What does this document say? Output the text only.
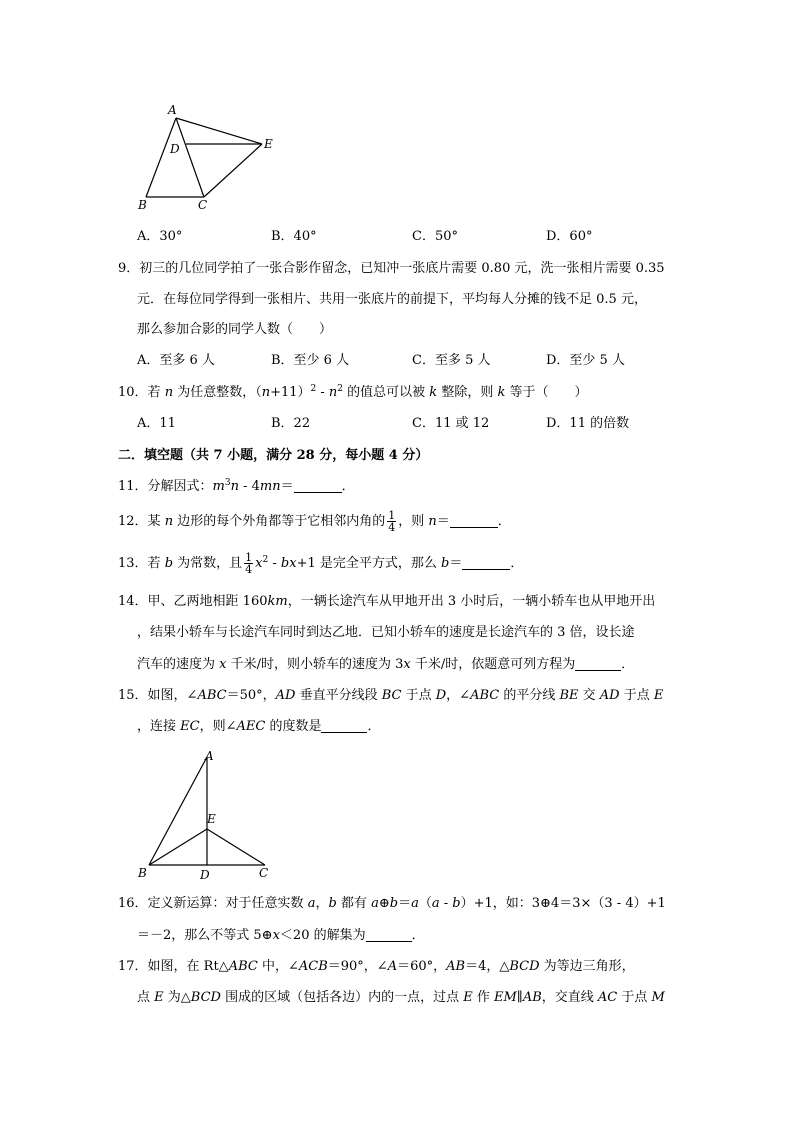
A
D	E
B	C
A．30°	B．40°	C．50°	D．60°
9．初三的几位同学拍了一张合影作留念，已知冲一张底片需要 0.80 元，洗一张相片需要 0.35
元．在每位同学得到一张相片、共用一张底片的前提下，平均每人分摊的钱不足 0.5 元，
那么参加合影的同学人数（　　）
A．至多 6 人	B．至少 6 人	C．至多 5 人	D．至少 5 人
10．若 n 为任意整数，$(n+11)^2 - n^2$ 的值总可以被 k 整除，则 k 等于（　　）
A．11	B．22	C．11 或 12	D．11 的倍数
二．填空题（共 7 小题，满分 28 分，每小题 4 分）
11．分解因式：$m^3n - 4mn=$	．
12．某 n 边形的每个外角都等于它相邻内角的 $\frac{1}{4}$ ，则 n＝	．
13．若 b 为常数，且 $\frac{1}{4} x^2 - bx+1$ 是完全平方式，那么 b＝	．
14．甲、乙两地相距 160km，一辆长途汽车从甲地开出 3 小时后，一辆小轿车也从甲地开出
，结果小轿车与长途汽车同时到达乙地．已知小轿车的速度是长途汽车的 3 倍，设长途
汽车的速度为 x 千米/时，则小轿车的速度为 3x 千米/时，依题意可列方程为	．
15．如图，∠ABC＝50°，AD 垂直平分线段 BC 于点 D，∠ABC 的平分线 BE 交 AD 于点 E
，连接 EC，则∠AEC 的度数是	．
A
E
B	D	C
16．定义新运算：对于任意实数 a，b 都有 a⊕b＝a（a - b）+1，如：3⊕4＝3×（3 - 4）+1
＝－2，那么不等式 5⊕x＜20 的解集为	．
17．如图，在 Rt△ABC 中，∠ACB＝90°，∠A＝60°，AB＝4，△BCD 为等边三角形，
点 E 为△BCD 围成的区域（包括各边）内的一点，过点 E 作 EM∥AB，交直线 AC 于点 M
